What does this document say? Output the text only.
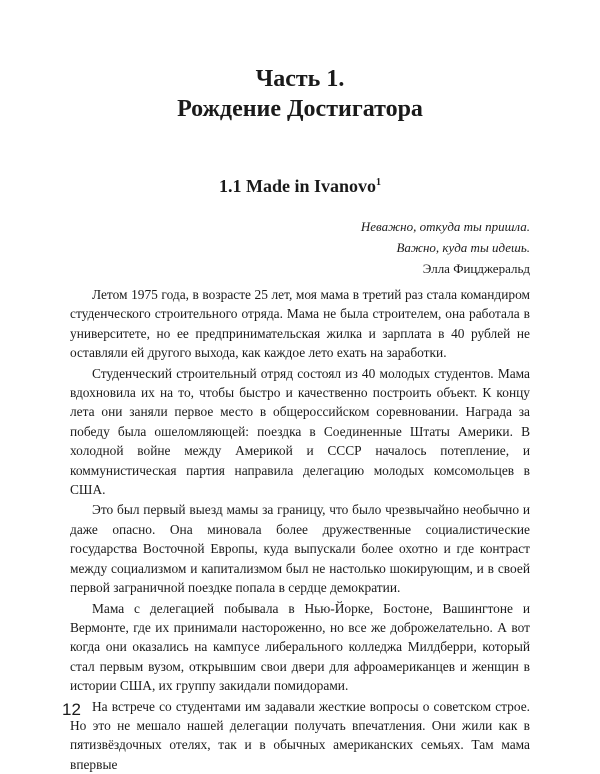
Часть 1.
Рождение Достигатора
1.1 Made in Ivanovo$^1$
Неважно, откуда ты пришла.
Важно, куда ты идешь.
Элла Фицджеральд

Летом 1975 года, в возрасте 25 лет, моя мама в третий раз стала командиром студенческого строительного отряда. Мама не была строителем, она работала в университете, но ее предпринимательская жилка и зарплата в 40 рублей не оставляли ей другого выхода, как каждое лето ехать на заработки.

Студенческий строительный отряд состоял из 40 молодых студентов. Мама вдохновила их на то, чтобы быстро и качественно построить объект. К концу лета они заняли первое место в общероссийском соревновании. Награда за победу была ошеломляющей: поездка в Соединенные Штаты Америки. В холодной войне между Америкой и СССР началось потепление, и коммунистическая партия направила делегацию молодых комсомольцев в США.

Это был первый выезд мамы за границу, что было чрезвычайно необычно и даже опасно. Она миновала более дружественные социалистические государства Восточной Европы, куда выпускали более охотно и где контраст между социализмом и капитализмом был не настолько шокирующим, и в своей первой заграничной поездке попала в сердце демократии.

Мама с делегацией побывала в Нью-Йорке, Бостоне, Вашингтоне и Вермонте, где их принимали настороженно, но все же доброжелательно. А вот когда они оказались на кампусе либерального колледжа Милдберри, который стал первым вузом, открывшим свои двери для афроамериканцев и женщин в истории США, их группу закидали помидорами.

На встрече со студентами им задавали жесткие вопросы о советском строе. Но это не мешало нашей делегации получать впечатления. Они жили как в пятизвёздочных отелях, так и в обычных американских семьях. Там мама впервые

12
